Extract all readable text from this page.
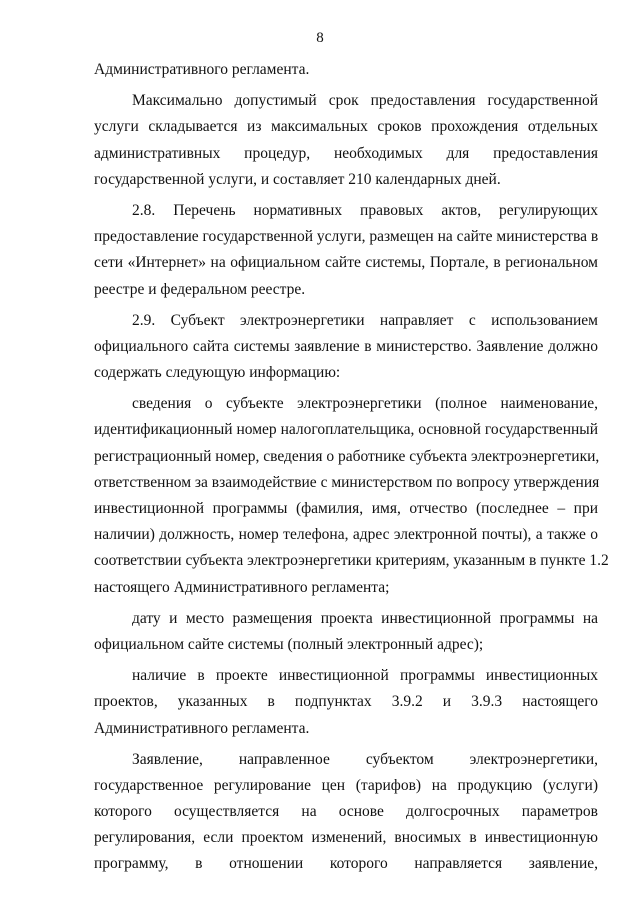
8
Административного регламента.
Максимально допустимый срок предоставления государственной
услуги складывается из максимальных сроков прохождения отдельных
административных процедур, необходимых для предоставления
государственной услуги, и составляет 210 календарных дней.
2.8. Перечень нормативных правовых актов, регулирующих
предоставление государственной услуги, размещен на сайте министерства в
сети «Интернет» на официальном сайте системы, Портале, в региональном
реестре и федеральном реестре.
2.9. Субъект электроэнергетики направляет с использованием
официального сайта системы заявление в министерство. Заявление должно
содержать следующую информацию:
сведения о субъекте электроэнергетики (полное наименование,
идентификационный номер налогоплательщика, основной государственный
регистрационный номер, сведения о работнике субъекта электроэнергетики,
ответственном за взаимодействие с министерством по вопросу утверждения
инвестиционной программы (фамилия, имя, отчество (последнее – при
наличии) должность, номер телефона, адрес электронной почты), а также о
соответствии субъекта электроэнергетики критериям, указанным в пункте 1.2
настоящего Административного регламента;
дату и место размещения проекта инвестиционной программы на
официальном сайте системы (полный электронный адрес);
наличие в проекте инвестиционной программы инвестиционных
проектов, указанных в подпунктах 3.9.2 и 3.9.3 настоящего
Административного регламента.
Заявление, направленное субъектом электроэнергетики,
государственное регулирование цен (тарифов) на продукцию (услуги)
которого осуществляется на основе долгосрочных параметров
регулирования, если проектом изменений, вносимых в инвестиционную
программу, в отношении которого направляется заявление,
